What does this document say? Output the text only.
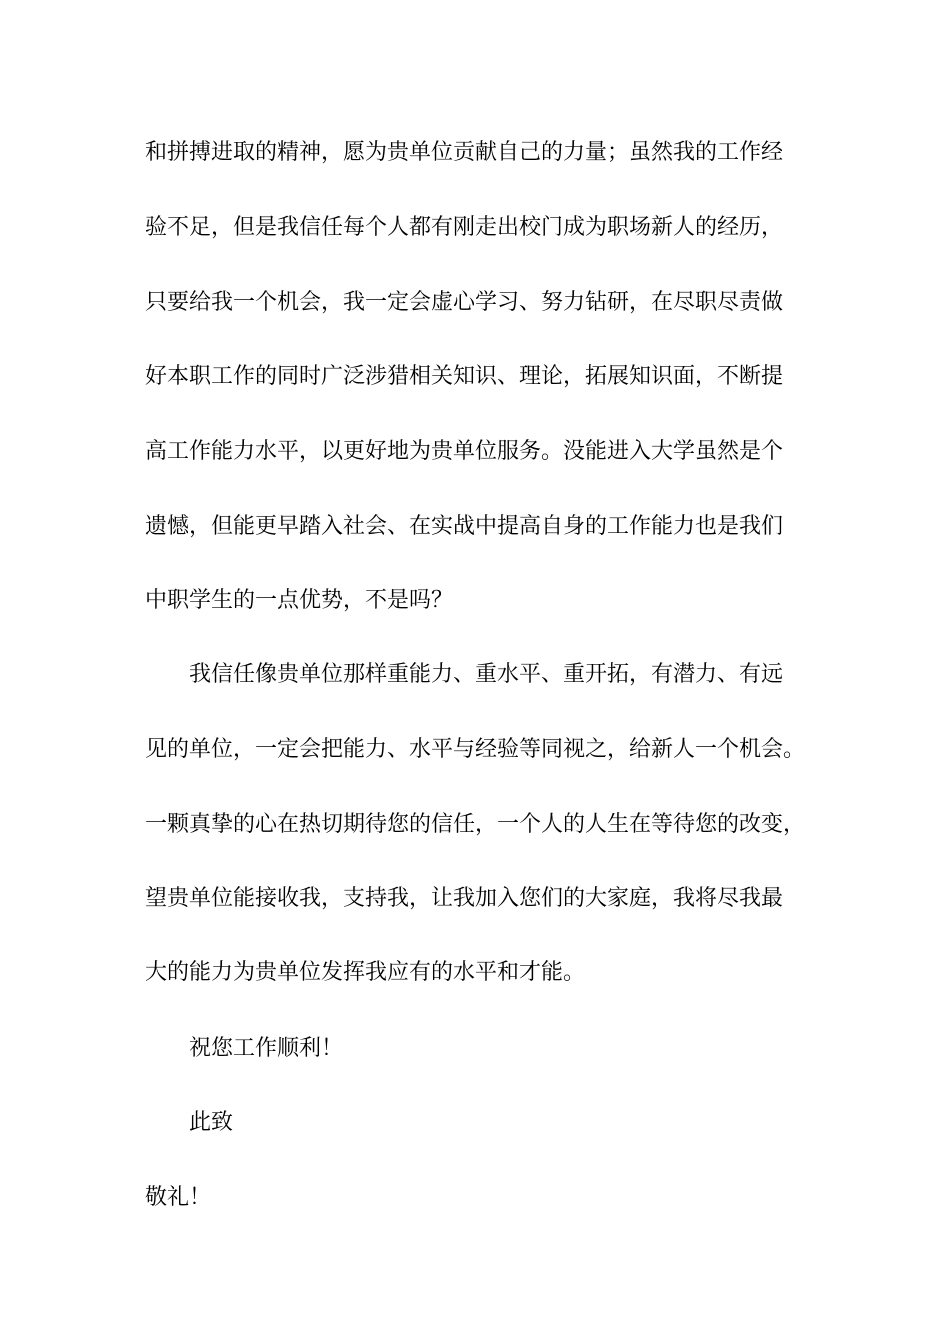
和拼搏进取的精神，愿为贵单位贡献自己的力量；虽然我的工作经
验不足，但是我信任每个人都有刚走出校门成为职场新人的经历，
只要给我一个机会，我一定会虚心学习、努力钻研，在尽职尽责做
好本职工作的同时广泛涉猎相关知识、理论，拓展知识面，不断提
高工作能力水平，以更好地为贵单位服务。没能进入大学虽然是个
遗憾，但能更早踏入社会、在实战中提高自身的工作能力也是我们
中职学生的一点优势，不是吗？
我信任像贵单位那样重能力、重水平、重开拓，有潜力、有远
见的单位，一定会把能力、水平与经验等同视之，给新人一个机会。
一颗真挚的心在热切期待您的信任，一个人的人生在等待您的改变，
望贵单位能接收我，支持我，让我加入您们的大家庭，我将尽我最
大的能力为贵单位发挥我应有的水平和才能。
祝您工作顺利！
此致
敬礼！
